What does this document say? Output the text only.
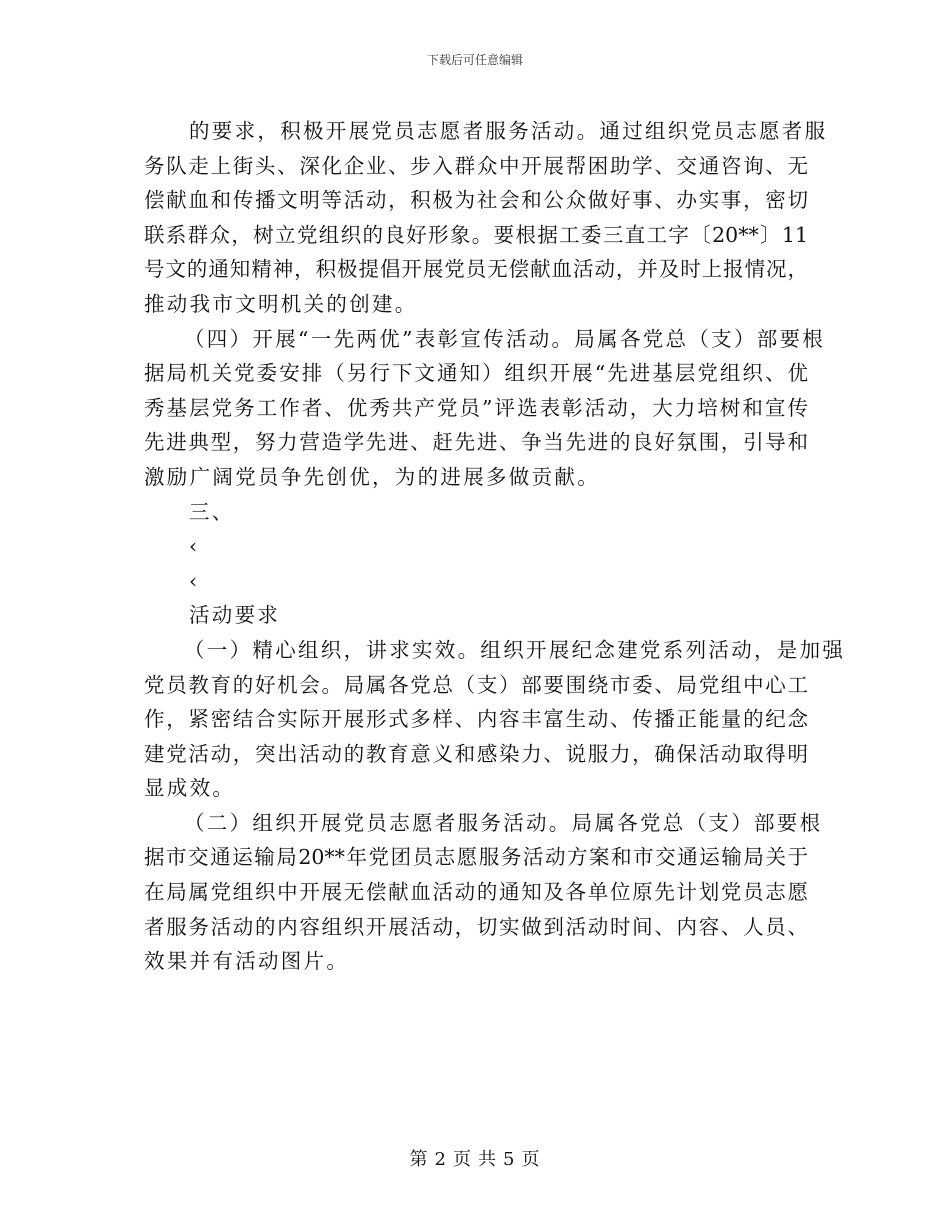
下载后可任意编辑
的要求，积极开展党员志愿者服务活动。通过组织党员志愿者服
务队走上街头、深化企业、步入群众中开展帮困助学、交通咨询、无
偿献血和传播文明等活动，积极为社会和公众做好事、办实事，密切
联系群众，树立党组织的良好形象。要根据工委三直工字〔20**〕11
号文的通知精神，积极提倡开展党员无偿献血活动，并及时上报情况，
推动我市文明机关的创建。
（四）开展“一先两优”表彰宣传活动。局属各党总（支）部要根
据局机关党委安排（另行下文通知）组织开展“先进基层党组织、优
秀基层党务工作者、优秀共产党员”评选表彰活动，大力培树和宣传
先进典型，努力营造学先进、赶先进、争当先进的良好氛围，引导和
激励广阔党员争先创优，为的进展多做贡献。
三、
‹
‹
活动要求
（一）精心组织，讲求实效。组织开展纪念建党系列活动，是加强
党员教育的好机会。局属各党总（支）部要围绕市委、局党组中心工
作，紧密结合实际开展形式多样、内容丰富生动、传播正能量的纪念
建党活动，突出活动的教育意义和感染力、说服力，确保活动取得明
显成效。
（二）组织开展党员志愿者服务活动。局属各党总（支）部要根
据市交通运输局20**年党团员志愿服务活动方案和市交通运输局关于
在局属党组织中开展无偿献血活动的通知及各单位原先计划党员志愿
者服务活动的内容组织开展活动，切实做到活动时间、内容、人员、
效果并有活动图片。
第 2 页 共 5 页
